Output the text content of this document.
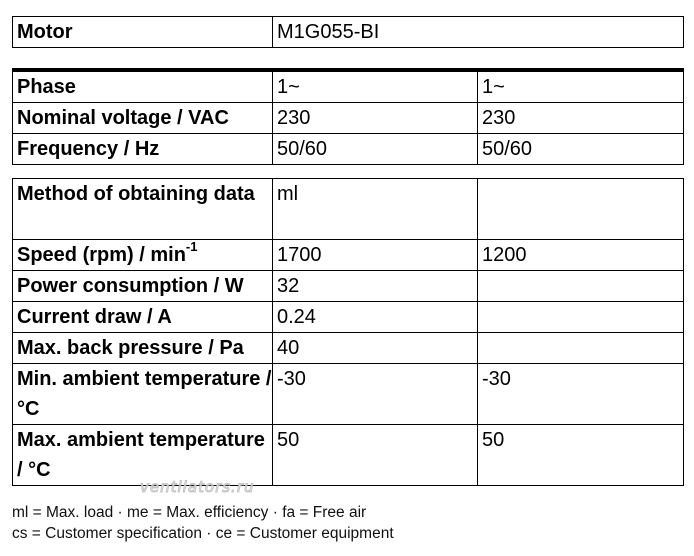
Motor	M1G055-BI
Phase	1~	1~
Nominal voltage / VAC	230	230
Frequency / Hz	50/60	50/60
Method of obtaining data	ml	
Speed $(rpm) / \min^{-1}$	1700	1200
Power consumption / W	32	
Current draw / A	0.24	
Max. back pressure / Pa	40	
Min. ambient temperature / °C	-30	-30
Max. ambient temperature / °C	50	50
ventilators.ru
ml = Max. load · me = Max. efficiency · fa = Free air
cs = Customer specification · ce = Customer equipment
